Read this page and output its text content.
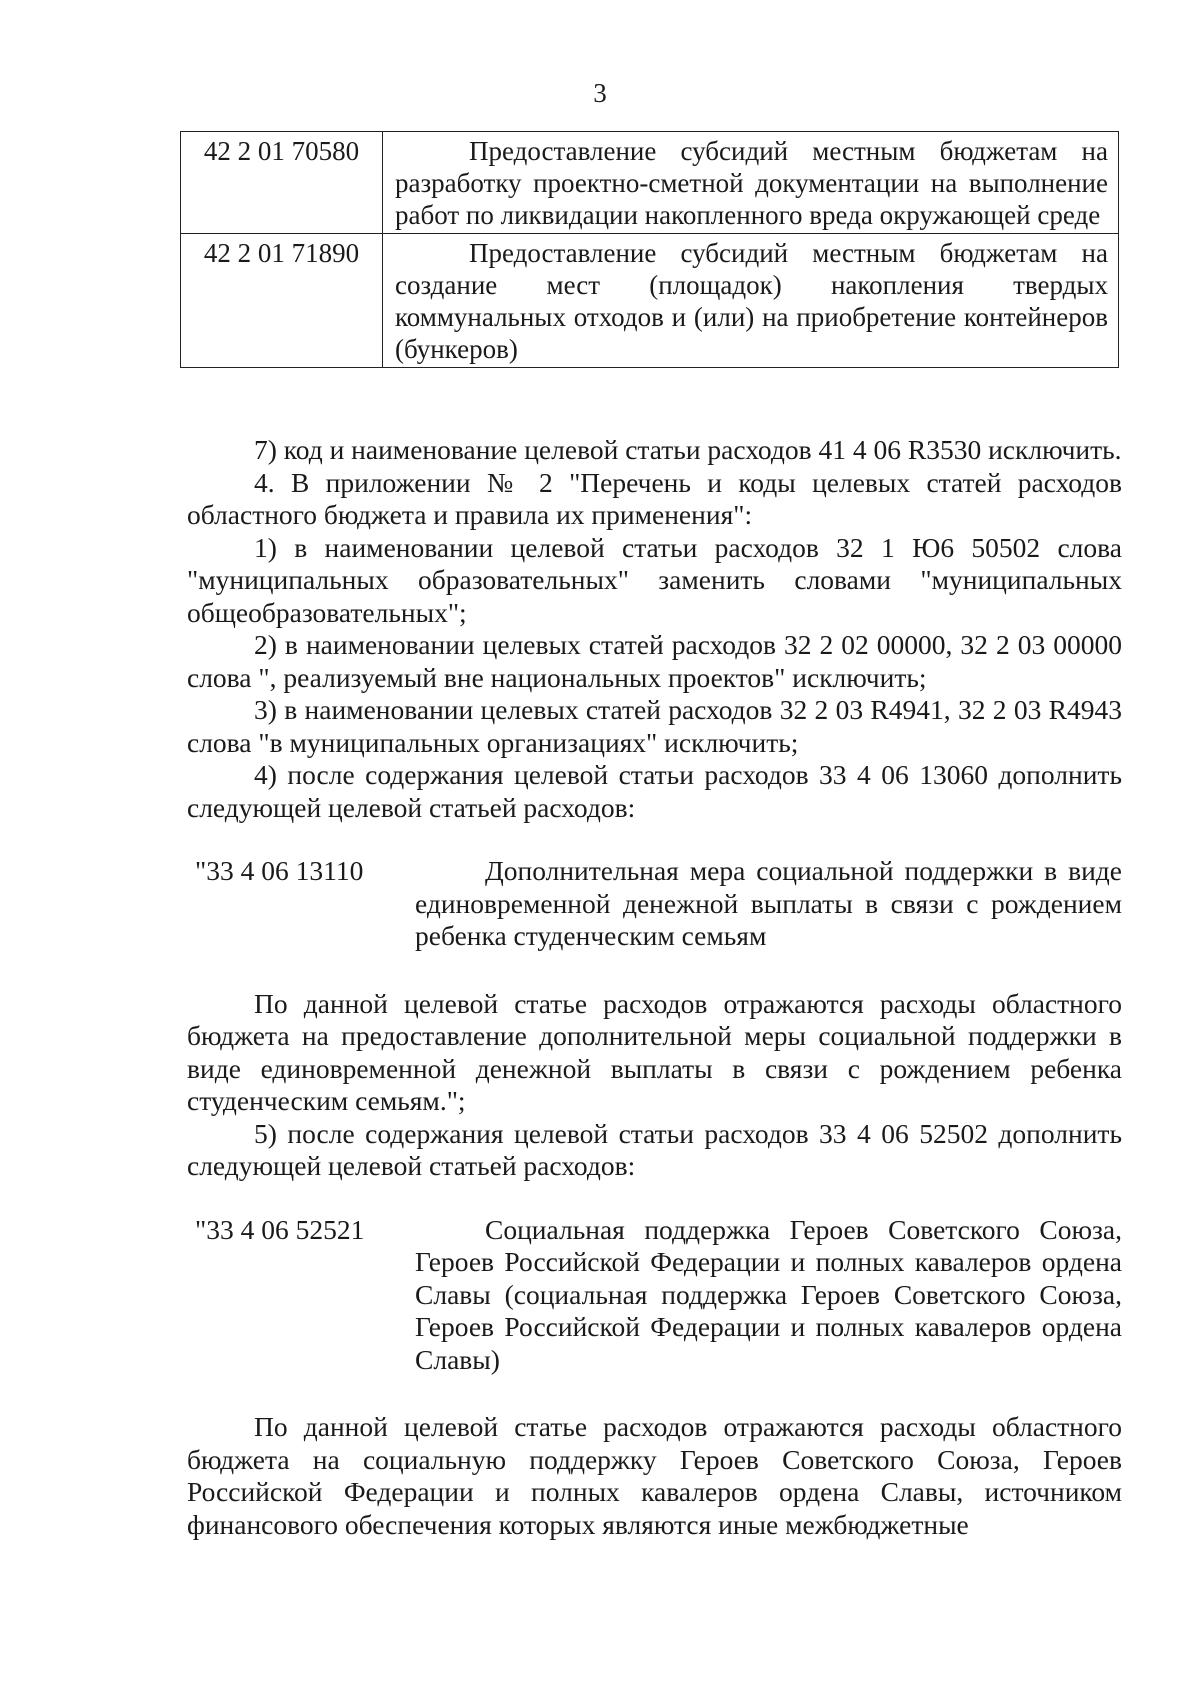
3
42 2 01 70580	Предоставление субсидий местным бюджетам на разработку проектно-сметной документации на выполнение работ по ликвидации накопленного вреда окружающей среде
42 2 01 71890	Предоставление субсидий местным бюджетам на создание мест (площадок) накопления твердых коммунальных отходов и (или) на приобретение контейнеров (бункеров)

7) код и наименование целевой статьи расходов 41 4 06 R3530 исключить.

4. В приложении № 2 "Перечень и коды целевых статей расходов областного бюджета и правила их применения":

1) в наименовании целевой статьи расходов 32 1 Ю6 50502 слова "муниципальных образовательных" заменить словами "муниципальных общеобразовательных";

2) в наименовании целевых статей расходов 32 2 02 00000, 32 2 03 00000 слова ", реализуемый вне национальных проектов" исключить;

3) в наименовании целевых статей расходов 32 2 03 R4941, 32 2 03 R4943 слова "в муниципальных организациях" исключить;

4) после содержания целевой статьи расходов 33 4 06 13060 дополнить следующей целевой статьей расходов:

"33 4 06 13110	Дополнительная мера социальной поддержки в виде единовременной денежной выплаты в связи с рождением ребенка студенческим семьям

По данной целевой статье расходов отражаются расходы областного бюджета на предоставление дополнительной меры социальной поддержки в виде единовременной денежной выплаты в связи с рождением ребенка студенческим семьям.";

5) после содержания целевой статьи расходов 33 4 06 52502 дополнить следующей целевой статьей расходов:

"33 4 06 52521	Социальная поддержка Героев Советского Союза, Героев Российской Федерации и полных кавалеров ордена Славы (социальная поддержка Героев Советского Союза, Героев Российской Федерации и полных кавалеров ордена Славы)

По данной целевой статье расходов отражаются расходы областного бюджета на социальную поддержку Героев Советского Союза, Героев Российской Федерации и полных кавалеров ордена Славы, источником финансового обеспечения которых являются иные межбюджетные
